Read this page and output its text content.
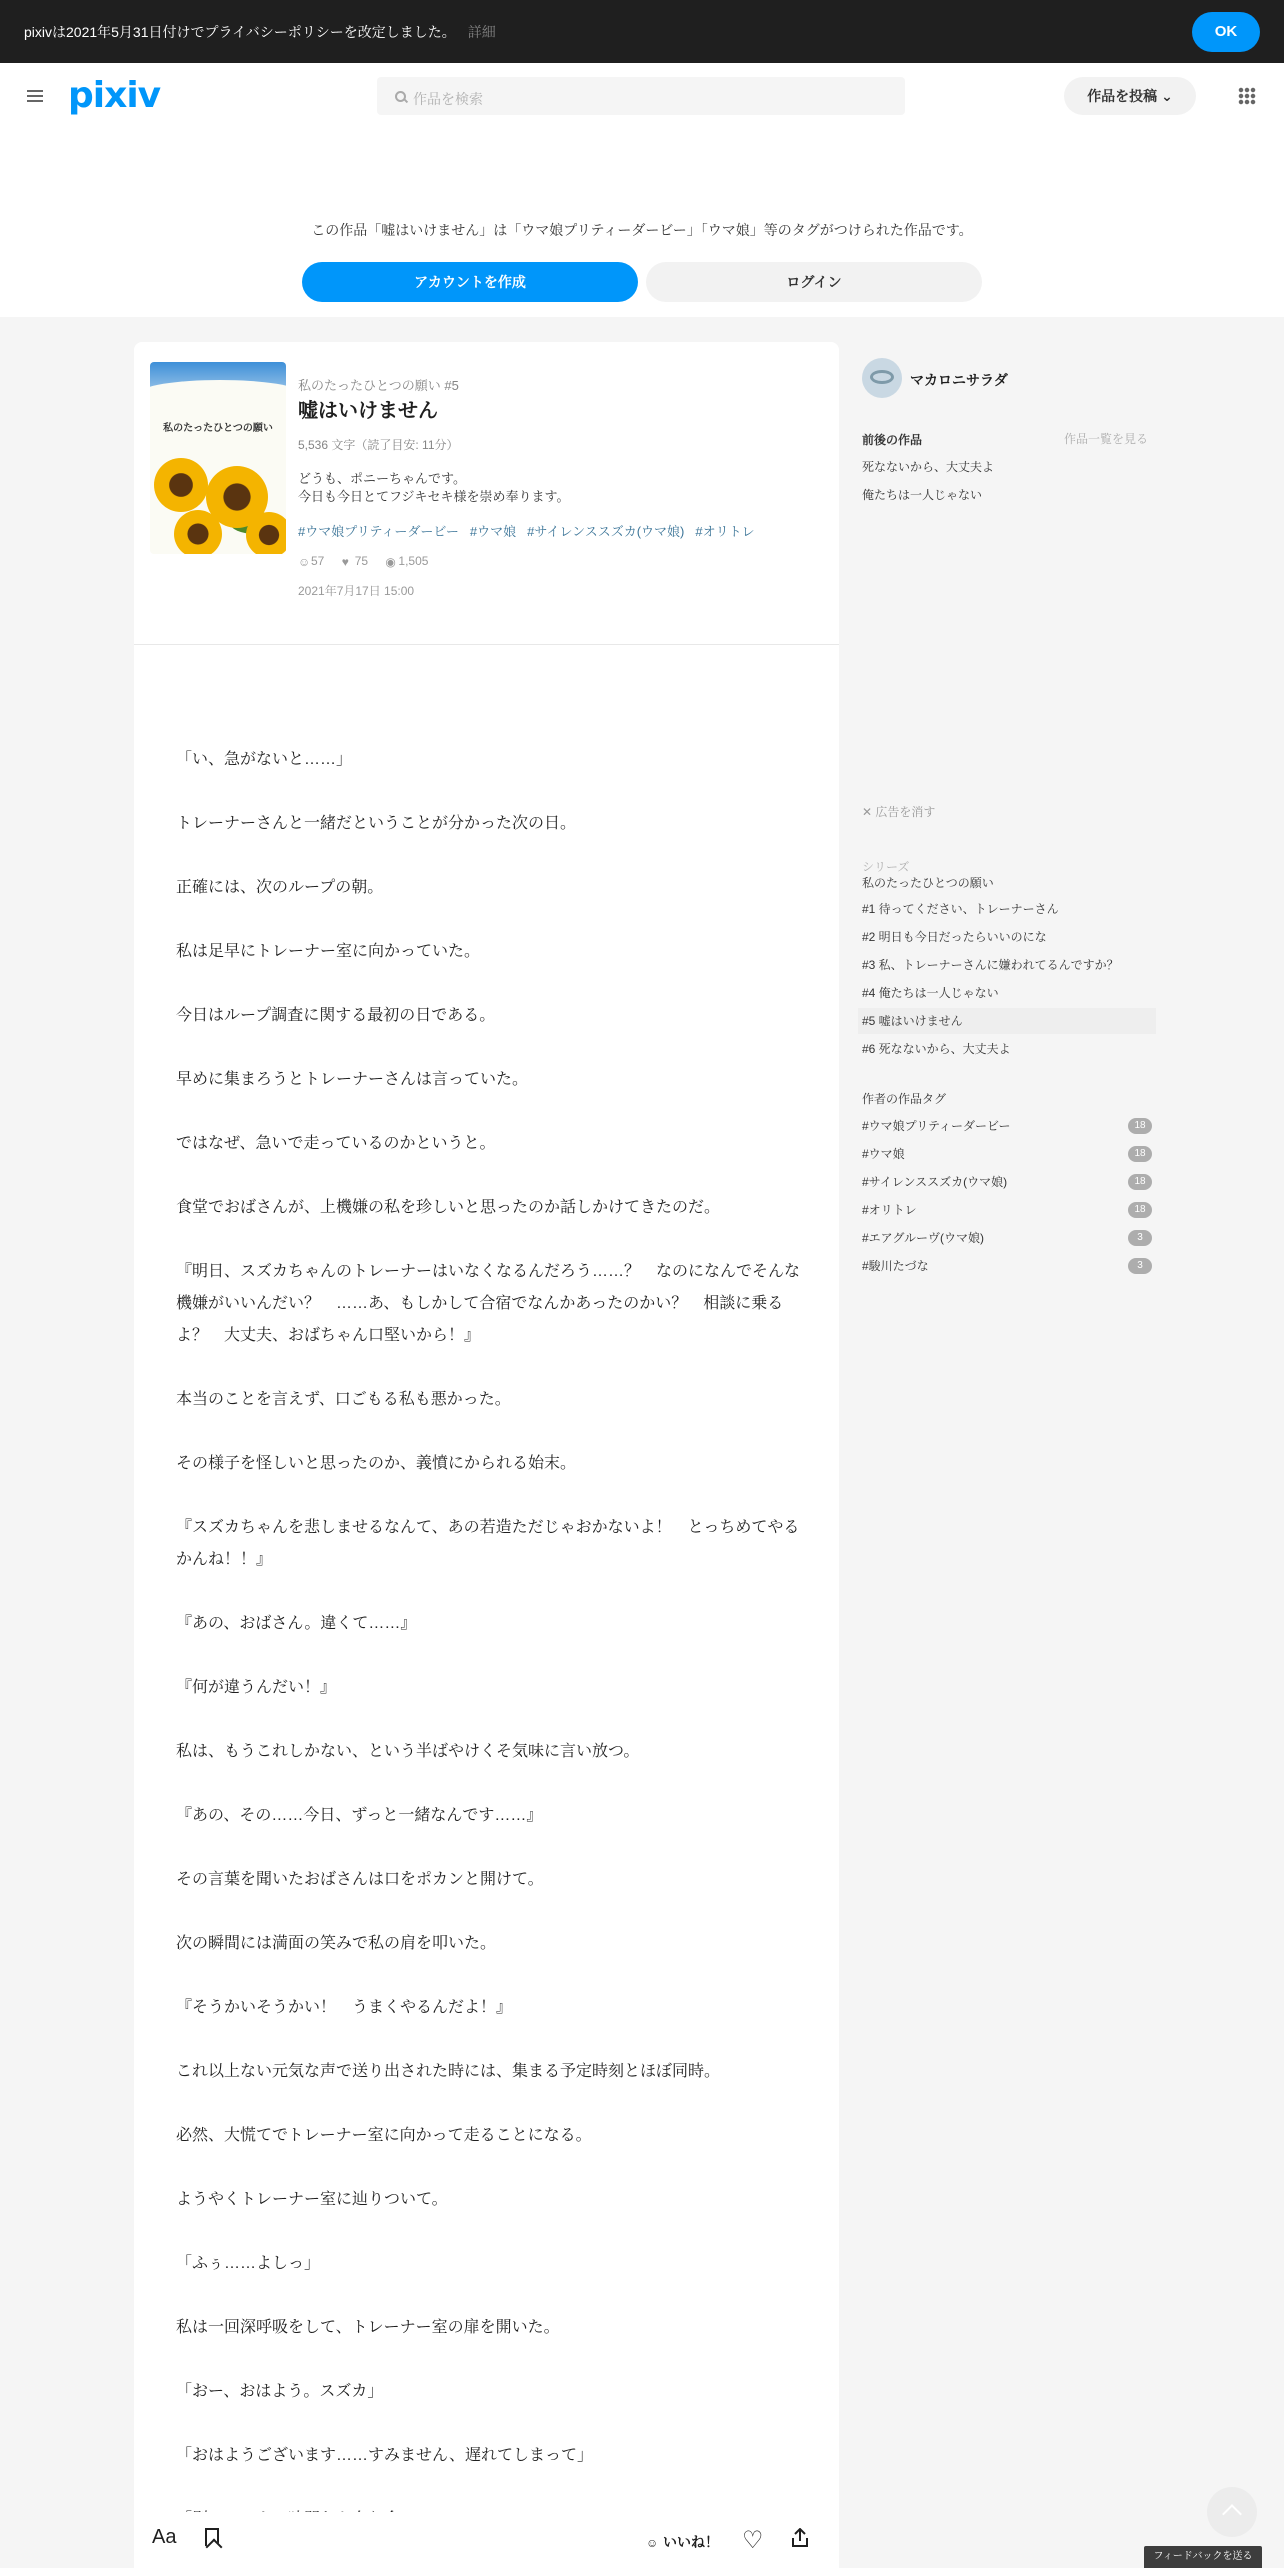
pixivは2021年5月31日付けでプライバシーポリシーを改定しました。 詳細	OK
pixiv	作品を検索	作品を投稿 ⌄
この作品「嘘はいけません」は「ウマ娘プリティーダービー」「ウマ娘」等のタグがつけられた作品です。
アカウントを作成	ログイン
私のたったひとつの願い
私のたったひとつの願い #5
嘘はいけません
5,536 文字（読了目安: 11分）
どうも、ポニーちゃんです。
今日も今日とてフジキセキ様を崇め奉ります。
#ウマ娘プリティーダービー #ウマ娘 #サイレンススズカ(ウマ娘) #オリトレ
☺57 ♥ 75 ◉ 1,505
2021年7月17日 15:00

「い、急がないと……」

トレーナーさんと一緒だということが分かった次の日。

正確には、次のループの朝。

私は足早にトレーナー室に向かっていた。

今日はループ調査に関する最初の日である。

早めに集まろうとトレーナーさんは言っていた。

ではなぜ、急いで走っているのかというと。

食堂でおばさんが、上機嫌の私を珍しいと思ったのか話しかけてきたのだ。

『明日、スズカちゃんのトレーナーはいなくなるんだろう……？　なのになんでそんな機嫌がいいんだい？　……あ、もしかして合宿でなんかあったのかい？　相談に乗るよ？　大丈夫、おばちゃん口堅いから！』

本当のことを言えず、口ごもる私も悪かった。

その様子を怪しいと思ったのか、義憤にかられる始末。

『スズカちゃんを悲しませるなんて、あの若造ただじゃおかないよ！　とっちめてやるかんね！！』

『あの、おばさん。違くて……』

『何が違うんだい！』

私は、もうこれしかない、という半ばやけくそ気味に言い放つ。

『あの、その……今日、ずっと一緒なんです……』

その言葉を聞いたおばさんは口をポカンと開けて。

次の瞬間には満面の笑みで私の肩を叩いた。

『そうかいそうかい！　うまくやるんだよ！』

これ以上ない元気な声で送り出された時には、集まる予定時刻とほぼ同時。

必然、大慌てでトレーナー室に向かって走ることになる。

ようやくトレーナー室に辿りついて。

「ふぅ……よしっ」

私は一回深呼吸をして、トレーナー室の扉を開いた。

「おー、おはよう。スズカ」

「おはようございます……すみません、遅れてしまって」

Aa	☺ いいね！ ♡
マカロニサラダ
前後の作品	作品一覧を見る
死なないから、大丈夫よ
俺たちは一人じゃない
✕ 広告を消す
シリーズ
私のたったひとつの願い
#1 待ってください、トレーナーさん
#2 明日も今日だったらいいのにな
#3 私、トレーナーさんに嫌われてるんですか？
#4 俺たちは一人じゃない
#5 嘘はいけません
#6 死なないから、大丈夫よ
作者の作品タグ
#ウマ娘プリティーダービー	18
#ウマ娘	18
#サイレンススズカ(ウマ娘)	18
#オリトレ	18
#エアグルーヴ(ウマ娘)	3
#駿川たづな	3
フィードバックを送る
